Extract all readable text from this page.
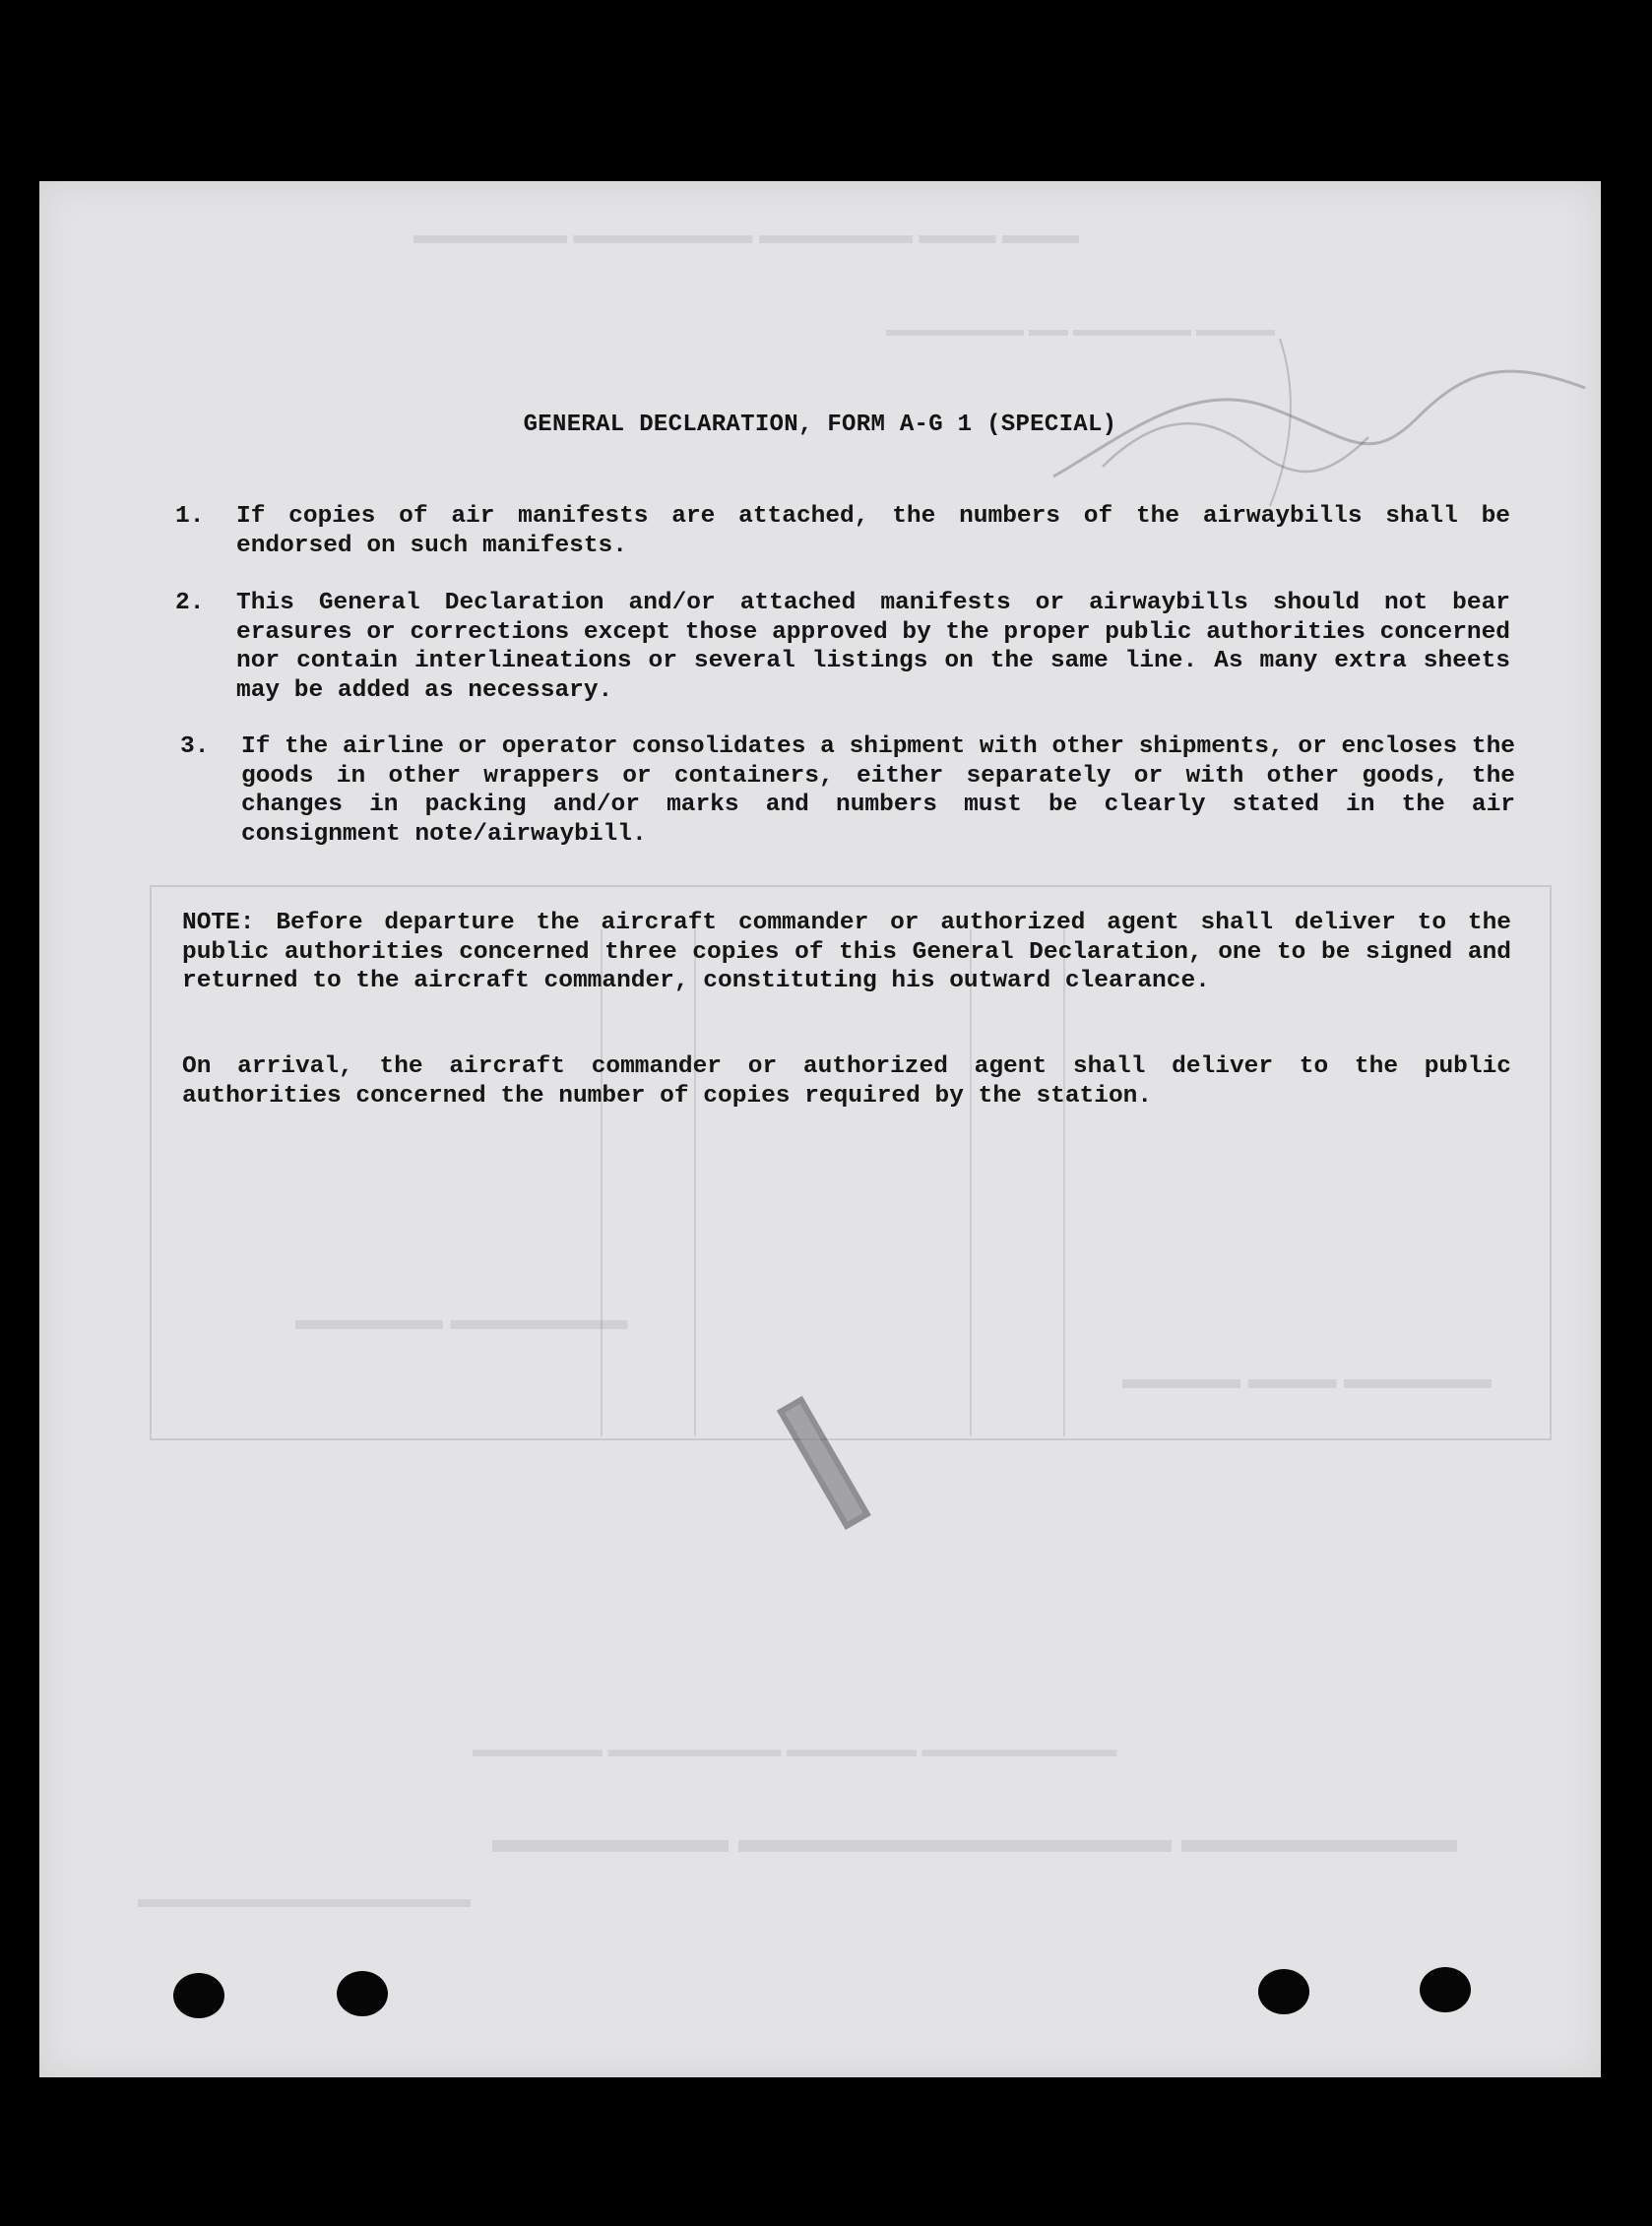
▬▬▬ ▬▬▬ ▬▬▬▬▬▬ ▬▬▬▬▬▬▬ ▬▬▬▬▬▬
▬▬▬▬ ▬▬▬▬▬▬ ▬▬ ▬▬▬▬▬▬▬
▬▬▬▬▬▬ ▬▬▬▬▬
▬▬▬▬▬ ▬▬▬ ▬▬▬▬
▬▬▬▬▬▬▬▬▬ ▬▬▬▬▬▬ ▬▬▬▬▬▬▬▬ ▬▬▬▬▬▬
▬▬▬▬▬▬▬ ▬▬▬▬▬▬▬▬▬▬▬ ▬▬▬▬▬▬
▬▬▬▬▬▬▬▬▬▬▬▬▬
GENERAL DECLARATION, FORM A-G 1 (SPECIAL)
1.	If copies of air manifests are attached, the numbers of the airwaybills shall be endorsed on such manifests.
2.	This General Declaration and/or attached manifests or airwaybills should not bear erasures or corrections except those approved by the proper public authorities concerned nor contain interlineations or several listings on the same line. As many extra sheets may be added as necessary.
3.	If the airline or operator consolidates a shipment with other shipments, or encloses the goods in other wrappers or containers, either separately or with other goods, the changes in packing and/or marks and numbers must be clearly stated in the air consignment note/airwaybill.
NOTE: Before departure the aircraft commander or authorized agent shall deliver to the public authorities concerned three copies of this General Declaration, one to be signed and returned to the aircraft commander, constituting his outward clearance.
On arrival, the aircraft commander or authorized agent shall deliver to the public authorities concerned the number of copies required by the station.
